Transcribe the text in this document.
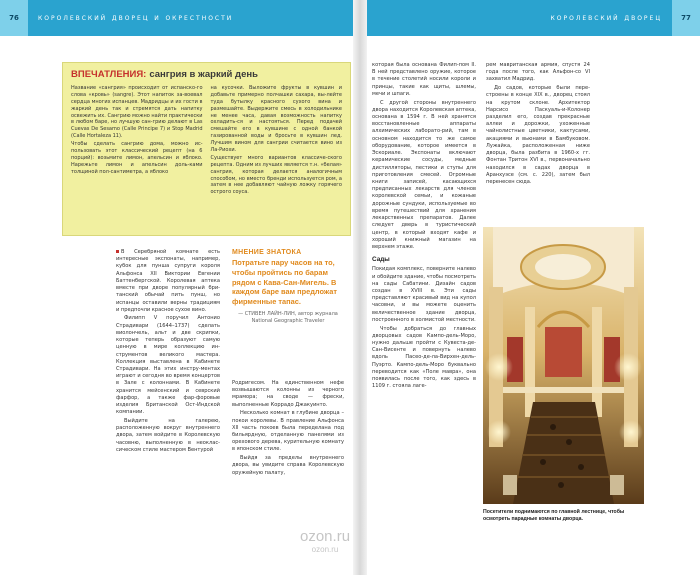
76	королевский дворец и окрестности	королевский дворец	77
ВПЕЧАТЛЕНИЯ: сангрия в жаркий день

Название «сангрия» происходит от испанско-го слова «кровь» (sangre). Этот напиток за-воевал сердца многих испанцев. Мадридцы и их гости в жаркий день так и стремятся дать напитку освежить их. Сангрию можно найти практически в любом баре, но лучшую сан-грию делают в Las Cuevas De Sesamo (Calle Principe 7) и Stop Madrid (Calle Hortaleza 11).

Чтобы сделать сангрию дома, можно ис-пользовать этот классический рецепт (на 6 порций): возьмите лимон, апельсин и яблоко. Нарежьте лимон и апельсин доль-ками толщиной пол-сантиметра, а яблоко

на кусочки. Выложите фрукты в кувшин и добавьте примерно полчашки сахара, вы-лейте туда бутылку красного сухого вина и размешайте. Выдержите смесь в холодильнике не менее часа, давая возможность напитку охладить-ся и настояться. Перед подачей смешайте его в кувшине с одной банкой газированной воды и бросьте в кувшин лед. Лучшим вином для сангрии считается вино из Ла-Риохи.

Существует много вариантов классиче-ского рецепта. Одним из лучших является т.н. «белая» сангрия, которая делается аналогичным способом, но вместо бренди используется ром, а затем в нее добавляют чайную ложку горячего острого соуса.

В Серебряной комнате есть интересные экспонаты, например, кубок для пунша супруги короля Альфонса XII Виктории Евгении Баттенбергской. Королевая аптека вместе при дворе популярный бри-танский обычай пить пунш, но испанцы оставили верны традициям и предпочли красное сухое вино.

Филипп V поручил Антонио Страдивари (1644–1737) сделать виолончель, альт и две скрипки, которые теперь образуют самую ценную в мире коллекцию ин-струментов великого мастера. Коллекция выставлена в Кабинете Страдивари. На этих инстру-ментах играют и сегодня во время концертов в Зале с колоннами. В Кабинете хранится мейсенский и севрский фарфор, а также фар-форовые изделия Британской Ост-Индской компании.

Выйдите на галерею, расположенную вокруг внутреннего двора, затем войдите в Королевскую часовню, выполненную в неоклас-сическом стиле мастером Вентурой

МНЕНИЕ ЗНАТОКА
Потратьте пару часов на то, чтобы пройтись по барам рядом с Кава-Сан-Мигель. В каждом баре вам предложат фирменные тапас.
— СТИВЕН ЛАЙН-ЛИН, автор журнала National Geographic Traveler

Родригесом. На единственном нефе возвышаются колонны из черного мрамора; на своде — фрески, выполненные Коррадо Джакуинто.

Несколько комнат в глубине дворца – покои королевы. В правление Альфонса XII часть покоев была переделана под бильярдную, отделанную панелями из орехового дерева, курительную комнату в японском стиле.

Выйдя за пределы внутреннего двора, вы увидите справа Королевскую оружейную палату,

которая была основана Филип-пом II. В ней представлено оружие, которое в течение столетий носили короли и принцы, такие как щиты, шлемы, мечи и шпаги.

С другой стороны внутреннего двора находится Королевская аптека, основана в 1594 г. В ней хранятся восстановленные аппараты алхимических лаборато-рий, там в основном находится то же самое оборудование, которое имеется в Эскориале. Экспонаты включают керамические сосуды, медные дистилляторы, пестики и ступы для приготовления смесей. Огромные книги записей, касающихся предписанных лекарств для членов королевской семьи, и кожаные дорожные сундуки, используемые во время путешествий для хранения лекарственных препаратов. Далее следует дверь в туристический центр, в который входят кафе и хороший книжный магазин на верхнем этаже.

Сады

Покидая комплекс, поверните налево и обойдите здание, чтобы посмотреть на сады Сабатини. Дизайн садов создан в XVIII в. Эти сады представляют красивый вид на купол часовни, и вы можете оценить величественное здание дворца, построенного в холмистой местности.

Чтобы добраться до главных дворцовых садов Кампо-дель-Моро, нужно дальше пройти с Кувеста-де-Сан-Висенте и повернуть налево вдоль Пасео-де-ла-Вирхен-дель-Пуэрто. Кампо-дель-Моро буквально переводится как «Поле мавра», она появилась после того, как здесь в 1109 г. стояла лаге-

рем мавританская армия, спустя 24 года после того, как Альфон-со VI захватил Мадрид.

До садов, которые были пере-строены в конце XIX в., дворец стоял на крутом склоне. Архитектор Нарсисо Паскуаль-и-Колонер разделил его, создав прекрасные аллеи и дорожки, ухоженные чайнолистные цветники, кактусами, акациями и вьюнами в Бамбуковом. Лужайка, расположенная ниже дворца, была разбита в 1960-х гг. Фонтан Тритон XVI в., первоначально находился в садах дворца в Аранхуэсе (см. с. 220), затем был перенесен сюда.

Посетители поднимаются по главной лестнице, чтобы осмотреть парадные комнаты дворца.
ozon.ru
ozon.ru
